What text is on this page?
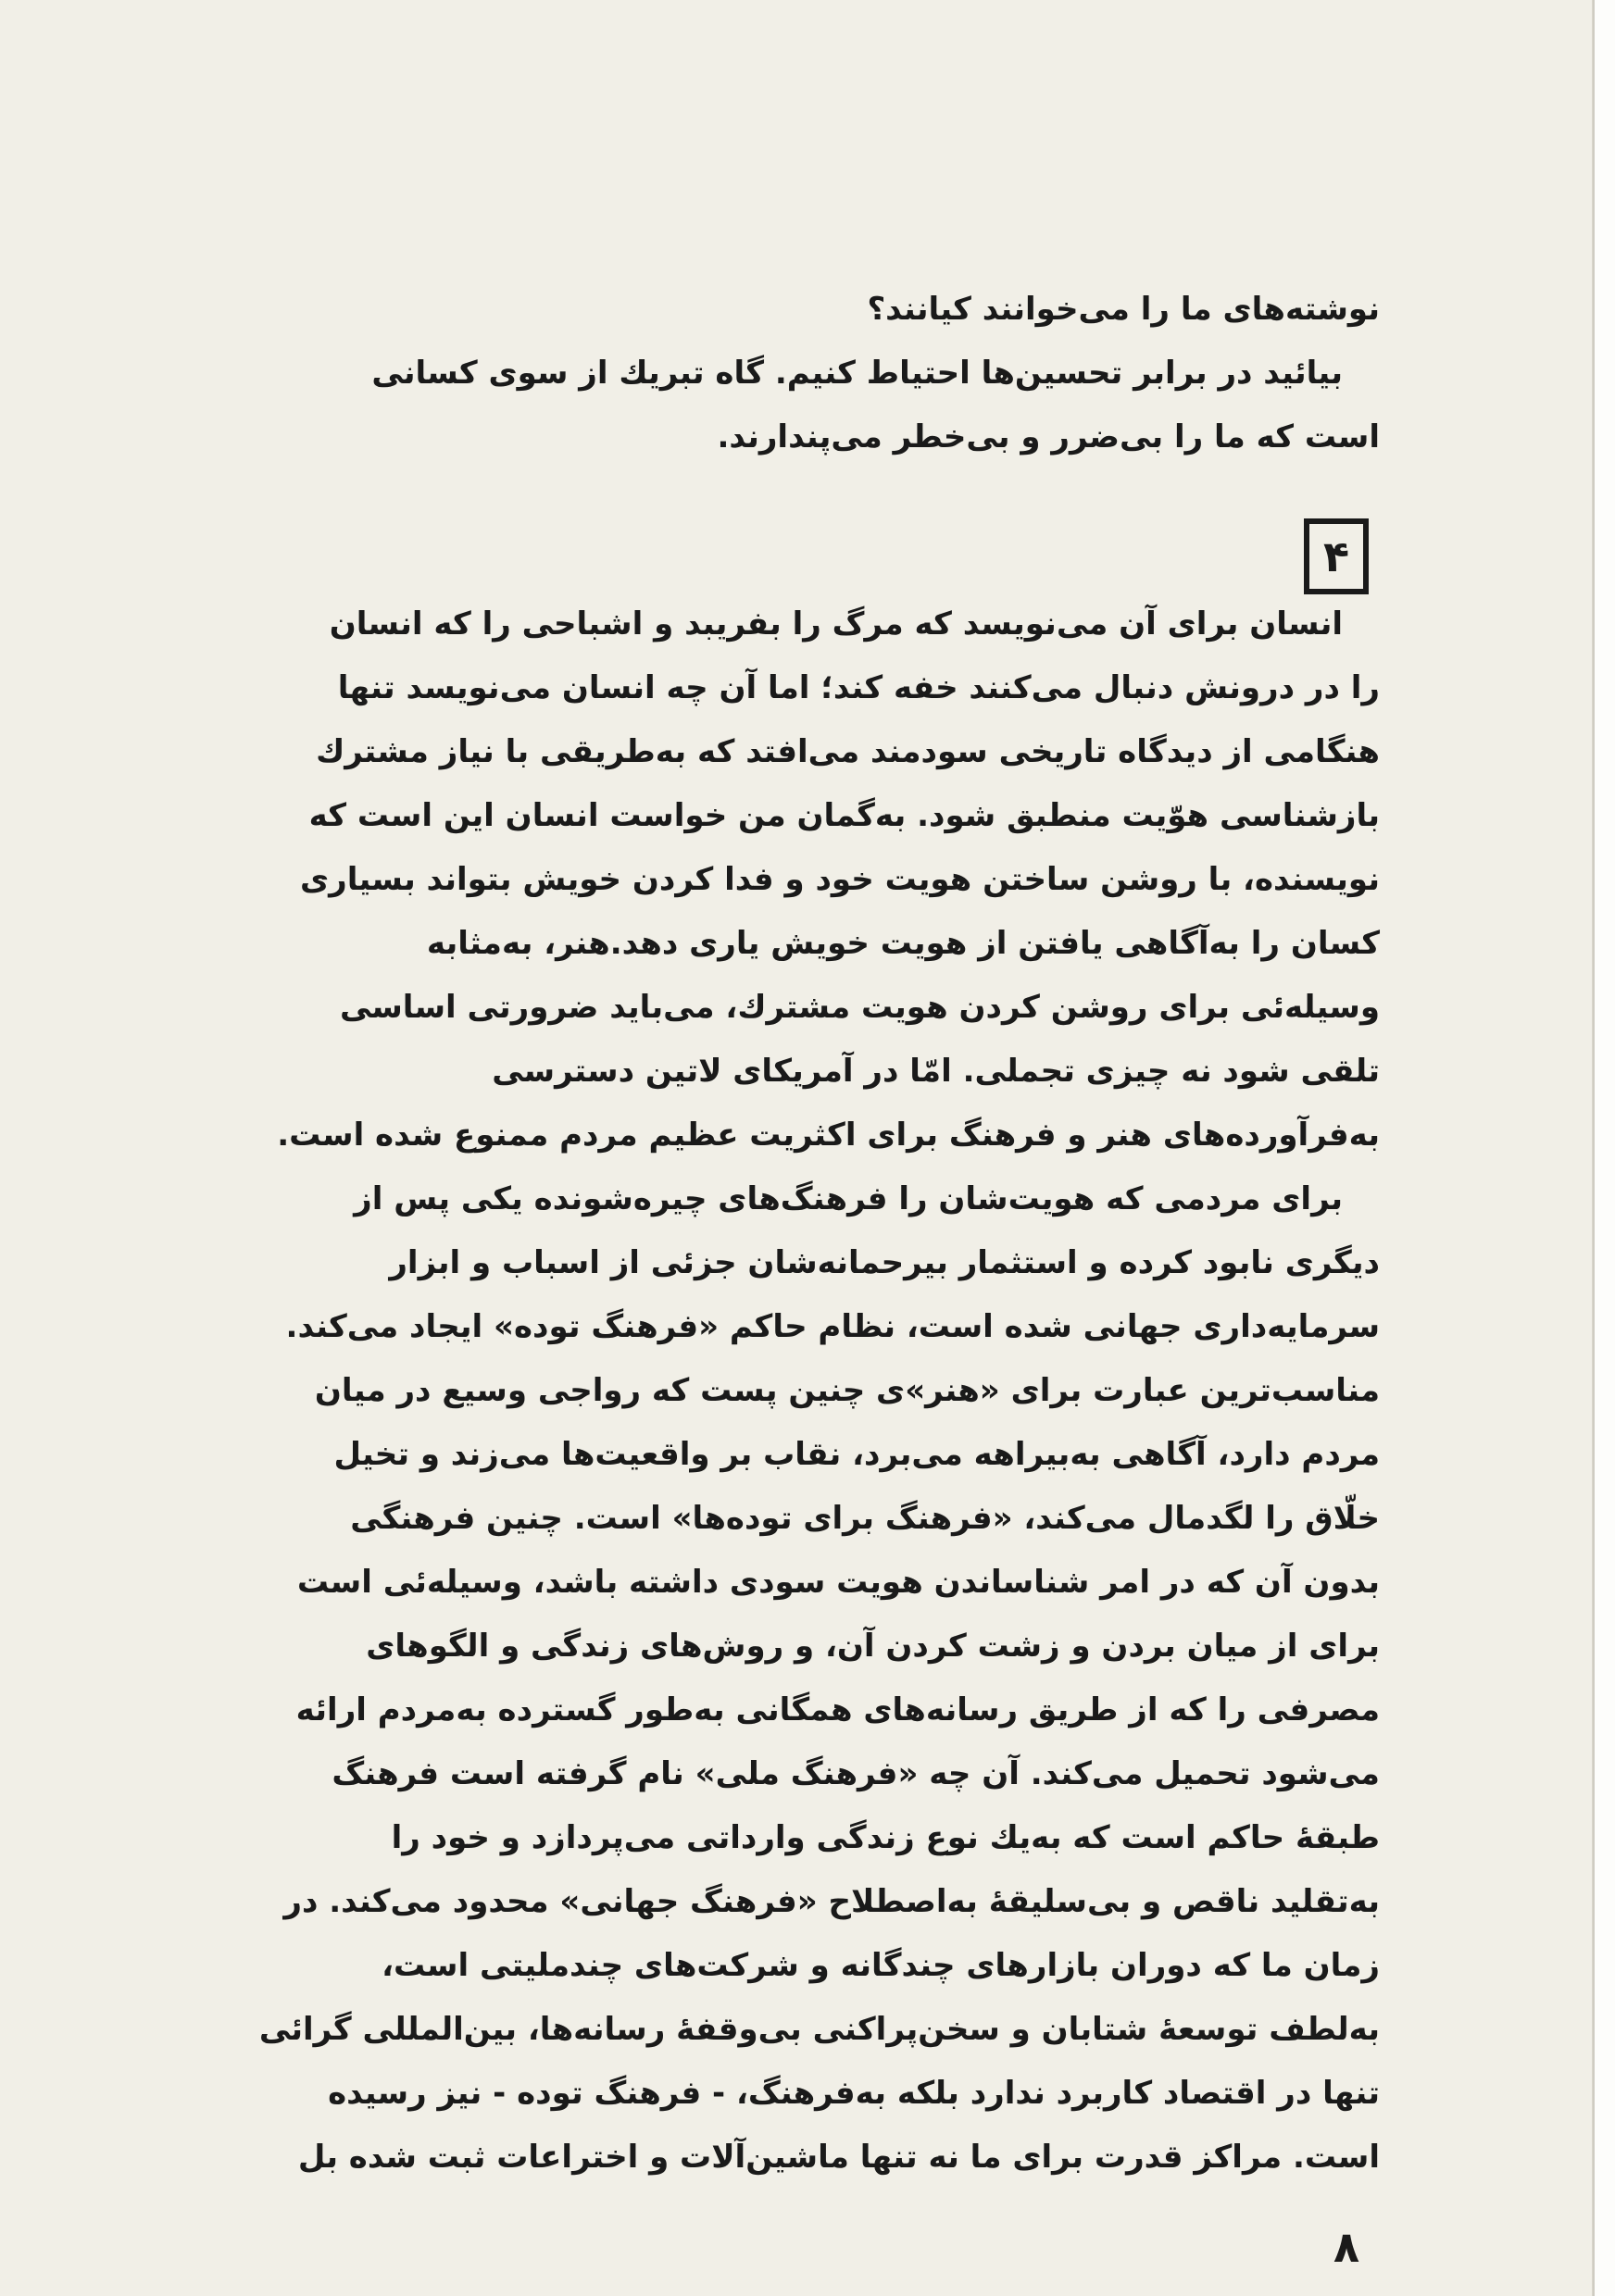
نوشته‌های ما را می‌خوانند کیانند؟
بیائید در برابر تحسین‌ها احتیاط کنیم. گاه تبریك از سوی کسانی
است که ما را بی‌ضرر و بی‌خطر می‌پندارند.
۴
انسان برای آن می‌نویسد که مرگ را بفریبد و اشباحی را که انسان
را در درونش دنبال می‌کنند خفه کند؛ اما آن چه انسان می‌نویسد تنها
هنگامی از دیدگاه تاریخی سودمند می‌افتد که به‌طریقی با نیاز مشترك
بازشناسی هوّیت منطبق شود. به‌گمان من خواست انسان این است که
نویسنده، با روشن ساختن هویت خود و فدا کردن خویش بتواند بسیاری
کسان را به‌آگاهی یافتن از هویت خویش یاری دهد.هنر، به‌مثابه
وسیله‌ئی برای روشن کردن هویت مشترك، می‌باید ضرورتی اساسی
تلقی شود نه چیزی تجملی. امّا در آمریکای لاتین دسترسی
به‌فرآورده‌های هنر و فرهنگ برای اکثریت عظیم مردم ممنوع شده است.
برای مردمی که هویت‌شان را فرهنگ‌های چیره‌شونده یکی پس از
دیگری نابود کرده و استثمار بیرحمانه‌شان جزئی از اسباب و ابزار
سرمایه‌داری جهانی شده است، نظام حاکم «فرهنگ توده» ایجاد می‌کند.
مناسب‌ترین عبارت برای «هنر»ی چنین پست که رواجی وسیع در میان
مردم دارد، آگاهی به‌بیراهه می‌برد، نقاب بر واقعیت‌ها می‌زند و تخیل
خلّاق را لگدمال می‌کند، «فرهنگ برای توده‌ها» است. چنین فرهنگی
بدون آن که در امر شناساندن هویت سودی داشته باشد، وسیله‌ئی است
برای از میان بردن و زشت کردن آن، و روش‌های زندگی و الگوهای
مصرفی را که از طریق رسانه‌های همگانی به‌طور گسترده به‌مردم ارائه
می‌شود تحمیل می‌کند. آن چه «فرهنگ ملی» نام گرفته است فرهنگ
طبقهٔ حاکم است که به‌یك نوع زندگی وارداتی می‌پردازد و خود را
به‌تقلید ناقص و بی‌سلیقهٔ به‌اصطلاح «فرهنگ جهانی» محدود می‌کند. در
زمان ما که دوران بازارهای چندگانه و شرکت‌های چندملیتی است،
به‌لطف توسعهٔ شتابان و سخن‌پراکنی بی‌وقفهٔ رسانه‌ها، بین‌المللی گرائی
تنها در اقتصاد کاربرد ندارد بلکه به‌فرهنگ، - فرهنگ توده - نیز رسیده
است. مراکز قدرت برای ما نه تنها ماشین‌آلات و اختراعات ثبت شده بل
۸
